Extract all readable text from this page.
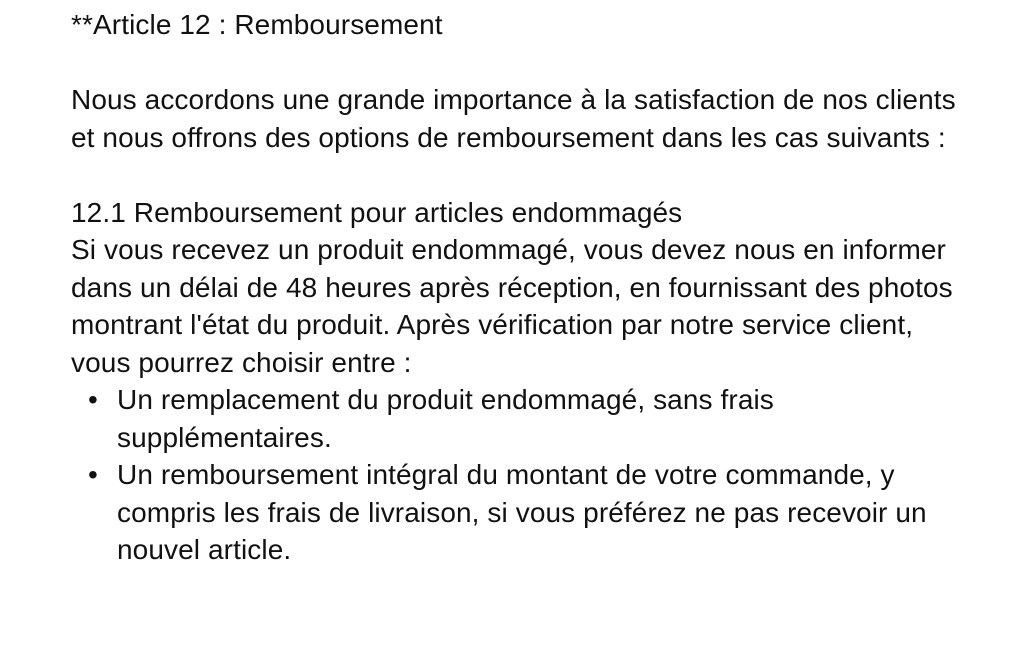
**Article 12 : Remboursement

Nous accordons une grande importance à la satisfaction de nos clients et nous offrons des options de remboursement dans les cas suivants :

12.1 Remboursement pour articles endommagés

Si vous recevez un produit endommagé, vous devez nous en informer dans un délai de 48 heures après réception, en fournissant des photos montrant l'état du produit. Après vérification par notre service client, vous pourrez choisir entre :

• Un remplacement du produit endommagé, sans frais supplémentaires.
• Un remboursement intégral du montant de votre commande, y compris les frais de livraison, si vous préférez ne pas recevoir un nouvel article.
